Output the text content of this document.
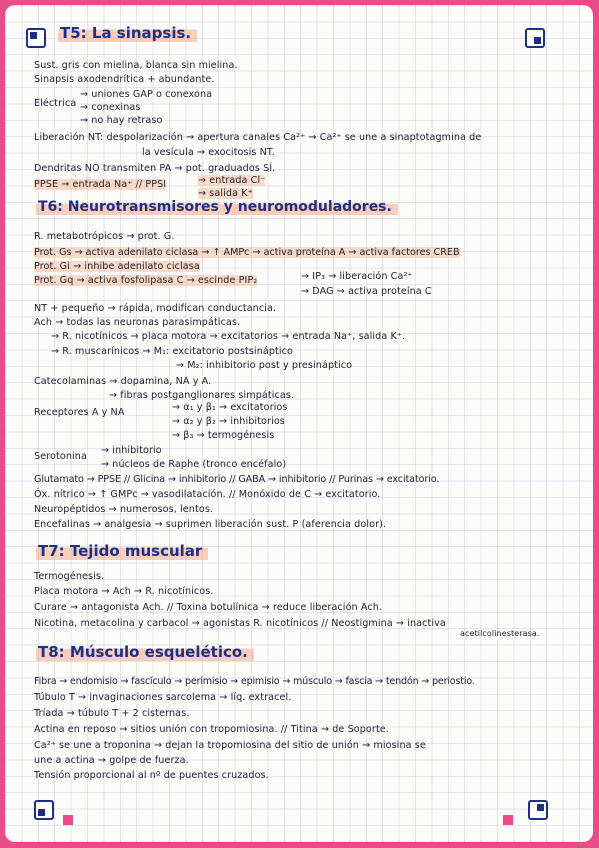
T5: La sinapsis.
Sust. gris con mielina, blanca sin mielina.
Sinapsis axodendrítica + abundante.
Eléctrica
→ uniones GAP o conexona
→ conexinas
→ no hay retraso
Liberación NT: despolarización → apertura canales Ca²⁺ → Ca²⁺ se une a sinaptotagmina de
la vesícula → exocitosis NT.
Dendritas NO transmiten PA → pot. graduados SÍ.
PPSE → entrada Na⁺ // PPSI	→ entrada Cl⁻
→ salida K⁺
T6: Neurotransmisores y neuromoduladores.
R. metabotrópicos → prot. G.
Prot. Gs → activa adenilato ciclasa → ↑ AMPc → activa proteína A → activa factores CREB
Prot. Gi → inhibe adenilato ciclasa
Prot. Gq → activa fosfolipasa C → escinde PIP₂	→ IP₃ → liberación Ca²⁺
→ DAG → activa proteína C
NT + pequeño → rápida, modifican conductancia.
Ach → todas las neuronas parasimpáticas.
→ R. nicotínicos → placa motora → excitatorios → entrada Na⁺, salida K⁺.
→ R. muscarínicos → M₁: excitatorio postsináptico
→ M₂: inhibitorio post y presináptico
Catecolaminas → dopamina, NA y A.
→ fibras postganglionares simpáticas.
Receptores A y NA	→ α₁ y β₁ → excitatorios
→ α₂ y β₂ → inhibitorios
→ β₃ → termogénesis
Serotonina
→ inhibitorio
→ núcleos de Raphe (tronco encéfalo)
Glutamato → PPSE // Glicina → inhibitorio // GABA → inhibitorio // Purinas → excitatorio.
Óx. nítrico → ↑ GMPc → vasodilatación. // Monóxido de C → excitatorio.
Neuropéptidos → numerosos, lentos.
Encefalinas → analgesia → suprimen liberación sust. P (aferencia dolor).
T7: Tejido muscular
Termogénesis.
Placa motora → Ach → R. nicotínicos.
Curare → antagonista Ach. // Toxina botulínica → reduce liberación Ach.
Nicotina, metacolina y carbacol → agonistas R. nicotínicos // Neostigmina → inactiva
acetilcolinesterasa.
T8: Músculo esquelético.
Fibra → endomisio → fascículo → perimisio → epimisio → músculo → fascia → tendón → periostio.
Túbulo T → invaginaciones sarcolema → líq. extracel.
Tríada → túbulo T + 2 cisternas.
Actina en reposo → sitios unión con tropomiosina. // Titina → de Soporte.
Ca²⁺ se une a troponina → dejan la tropomiosina del sitio de unión → miosina se
une a actina → golpe de fuerza.
Tensión proporcional al nº de puentes cruzados.
